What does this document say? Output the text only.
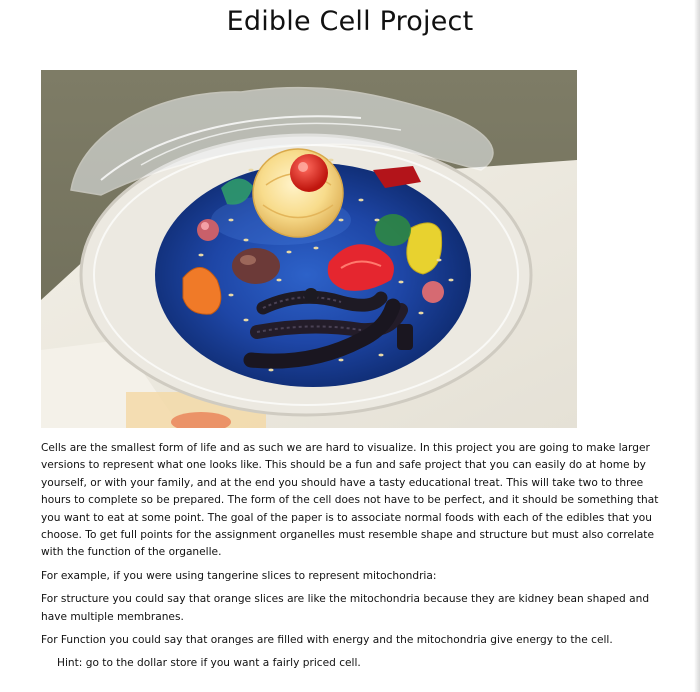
Edible Cell Project

Cells are the smallest form of life and as such we are hard to visualize. In this project you are going to make larger versions to represent what one looks like. This should be a fun and safe project that you can easily do at home by yourself, or with your family, and at the end you should have a tasty educational treat. This will take two to three hours to complete so be prepared. The form of the cell does not have to be perfect, and it should be something that you want to eat at some point. The goal of the paper is to associate normal foods with each of the edibles that you choose. To get full points for the assignment organelles must resemble shape and structure but must also correlate with the function of the organelle.

For example, if you were using tangerine slices to represent mitochondria:

For structure you could say that orange slices are like the mitochondria because they are kidney bean shaped and have multiple membranes.

For Function you could say that oranges are filled with energy and the mitochondria give energy to the cell.

Hint: go to the dollar store if you want a fairly priced cell.
